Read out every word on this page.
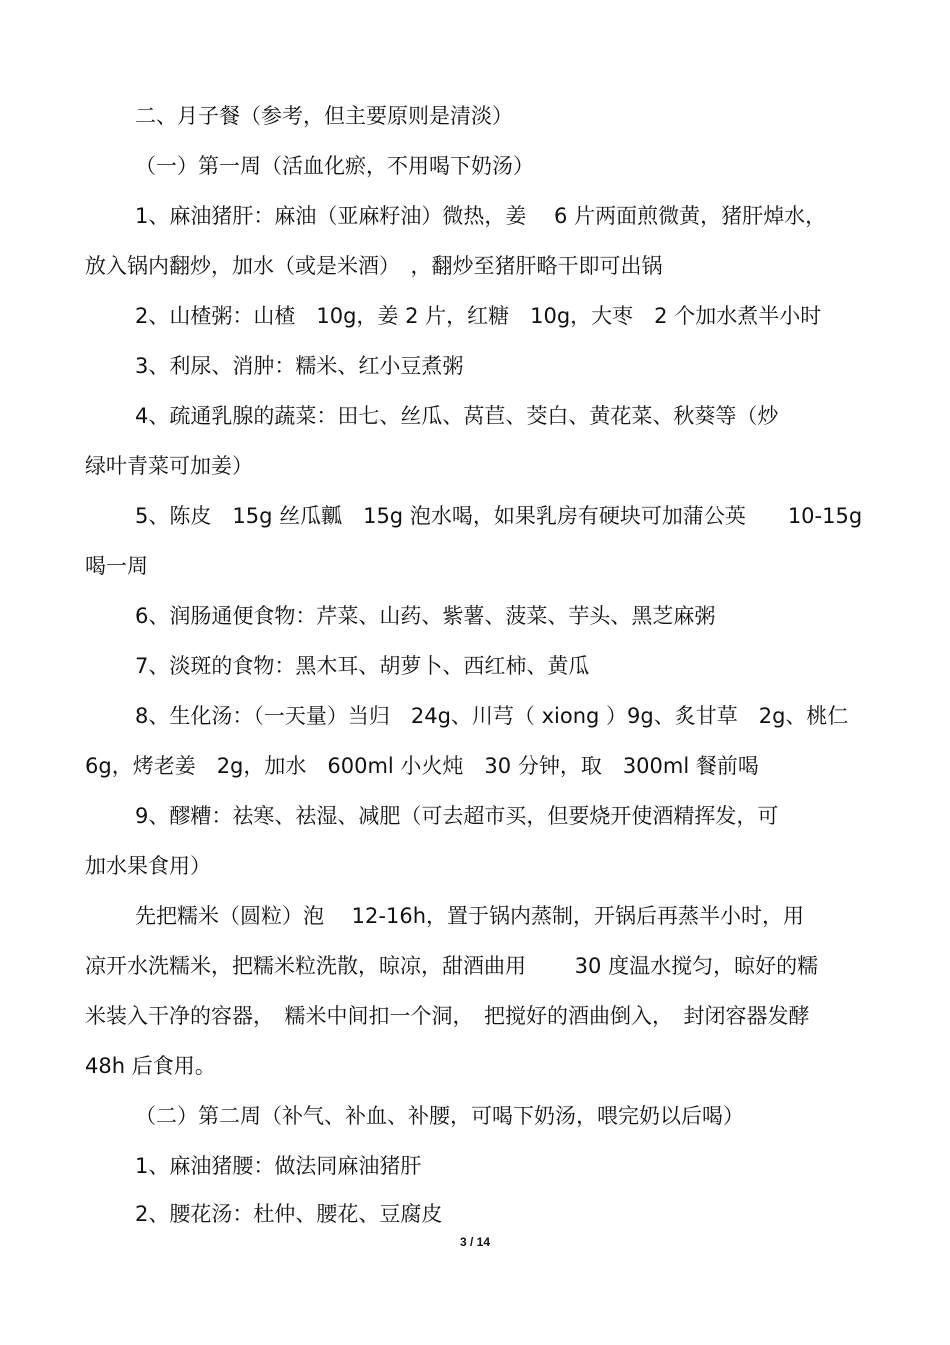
二、月子餐（参考，但主要原则是清淡）
（一）第一周（活血化瘀，不用喝下奶汤）
1、麻油猪肝：麻油（亚麻籽油）微热，姜　 6 片两面煎微黄，猪肝焯水，
放入锅内翻炒，加水（或是米酒）　，翻炒至猪肝略干即可出锅
2、山楂粥：山楂　10g，姜 2 片，红糖　10g，大枣　2 个加水煮半小时
3、利尿、消肿：糯米、红小豆煮粥
4、疏通乳腺的蔬菜：田七、丝瓜、莴苣、茭白、黄花菜、秋葵等（炒
绿叶青菜可加姜）
5、陈皮　15g 丝瓜瓤　15g 泡水喝，如果乳房有硬块可加蒲公英　　10-15g
喝一周
6、润肠通便食物：芹菜、山药、紫薯、菠菜、芋头、黑芝麻粥
7、淡斑的食物：黑木耳、胡萝卜、西红柿、黄瓜
8、生化汤：（一天量）当归　24g、川芎（ xiong ）9g、炙甘草　2g、桃仁
6g，烤老姜　2g，加水　600ml 小火炖　30 分钟，取　300ml 餐前喝
9、醪糟：祛寒、祛湿、减肥（可去超市买，但要烧开使酒精挥发，可
加水果食用）
先把糯米（圆粒）泡　 12-16h，置于锅内蒸制，开锅后再蒸半小时，用
凉开水洗糯米，把糯米粒洗散，晾凉，甜酒曲用　　 30 度温水搅匀，晾好的糯
米装入干净的容器，　糯米中间扣一个洞，　把搅好的酒曲倒入，　封闭容器发酵
48h 后食用。
（二）第二周（补气、补血、补腰，可喝下奶汤，喂完奶以后喝）
1、麻油猪腰：做法同麻油猪肝
2、腰花汤：杜仲、腰花、豆腐皮
3 / 14
